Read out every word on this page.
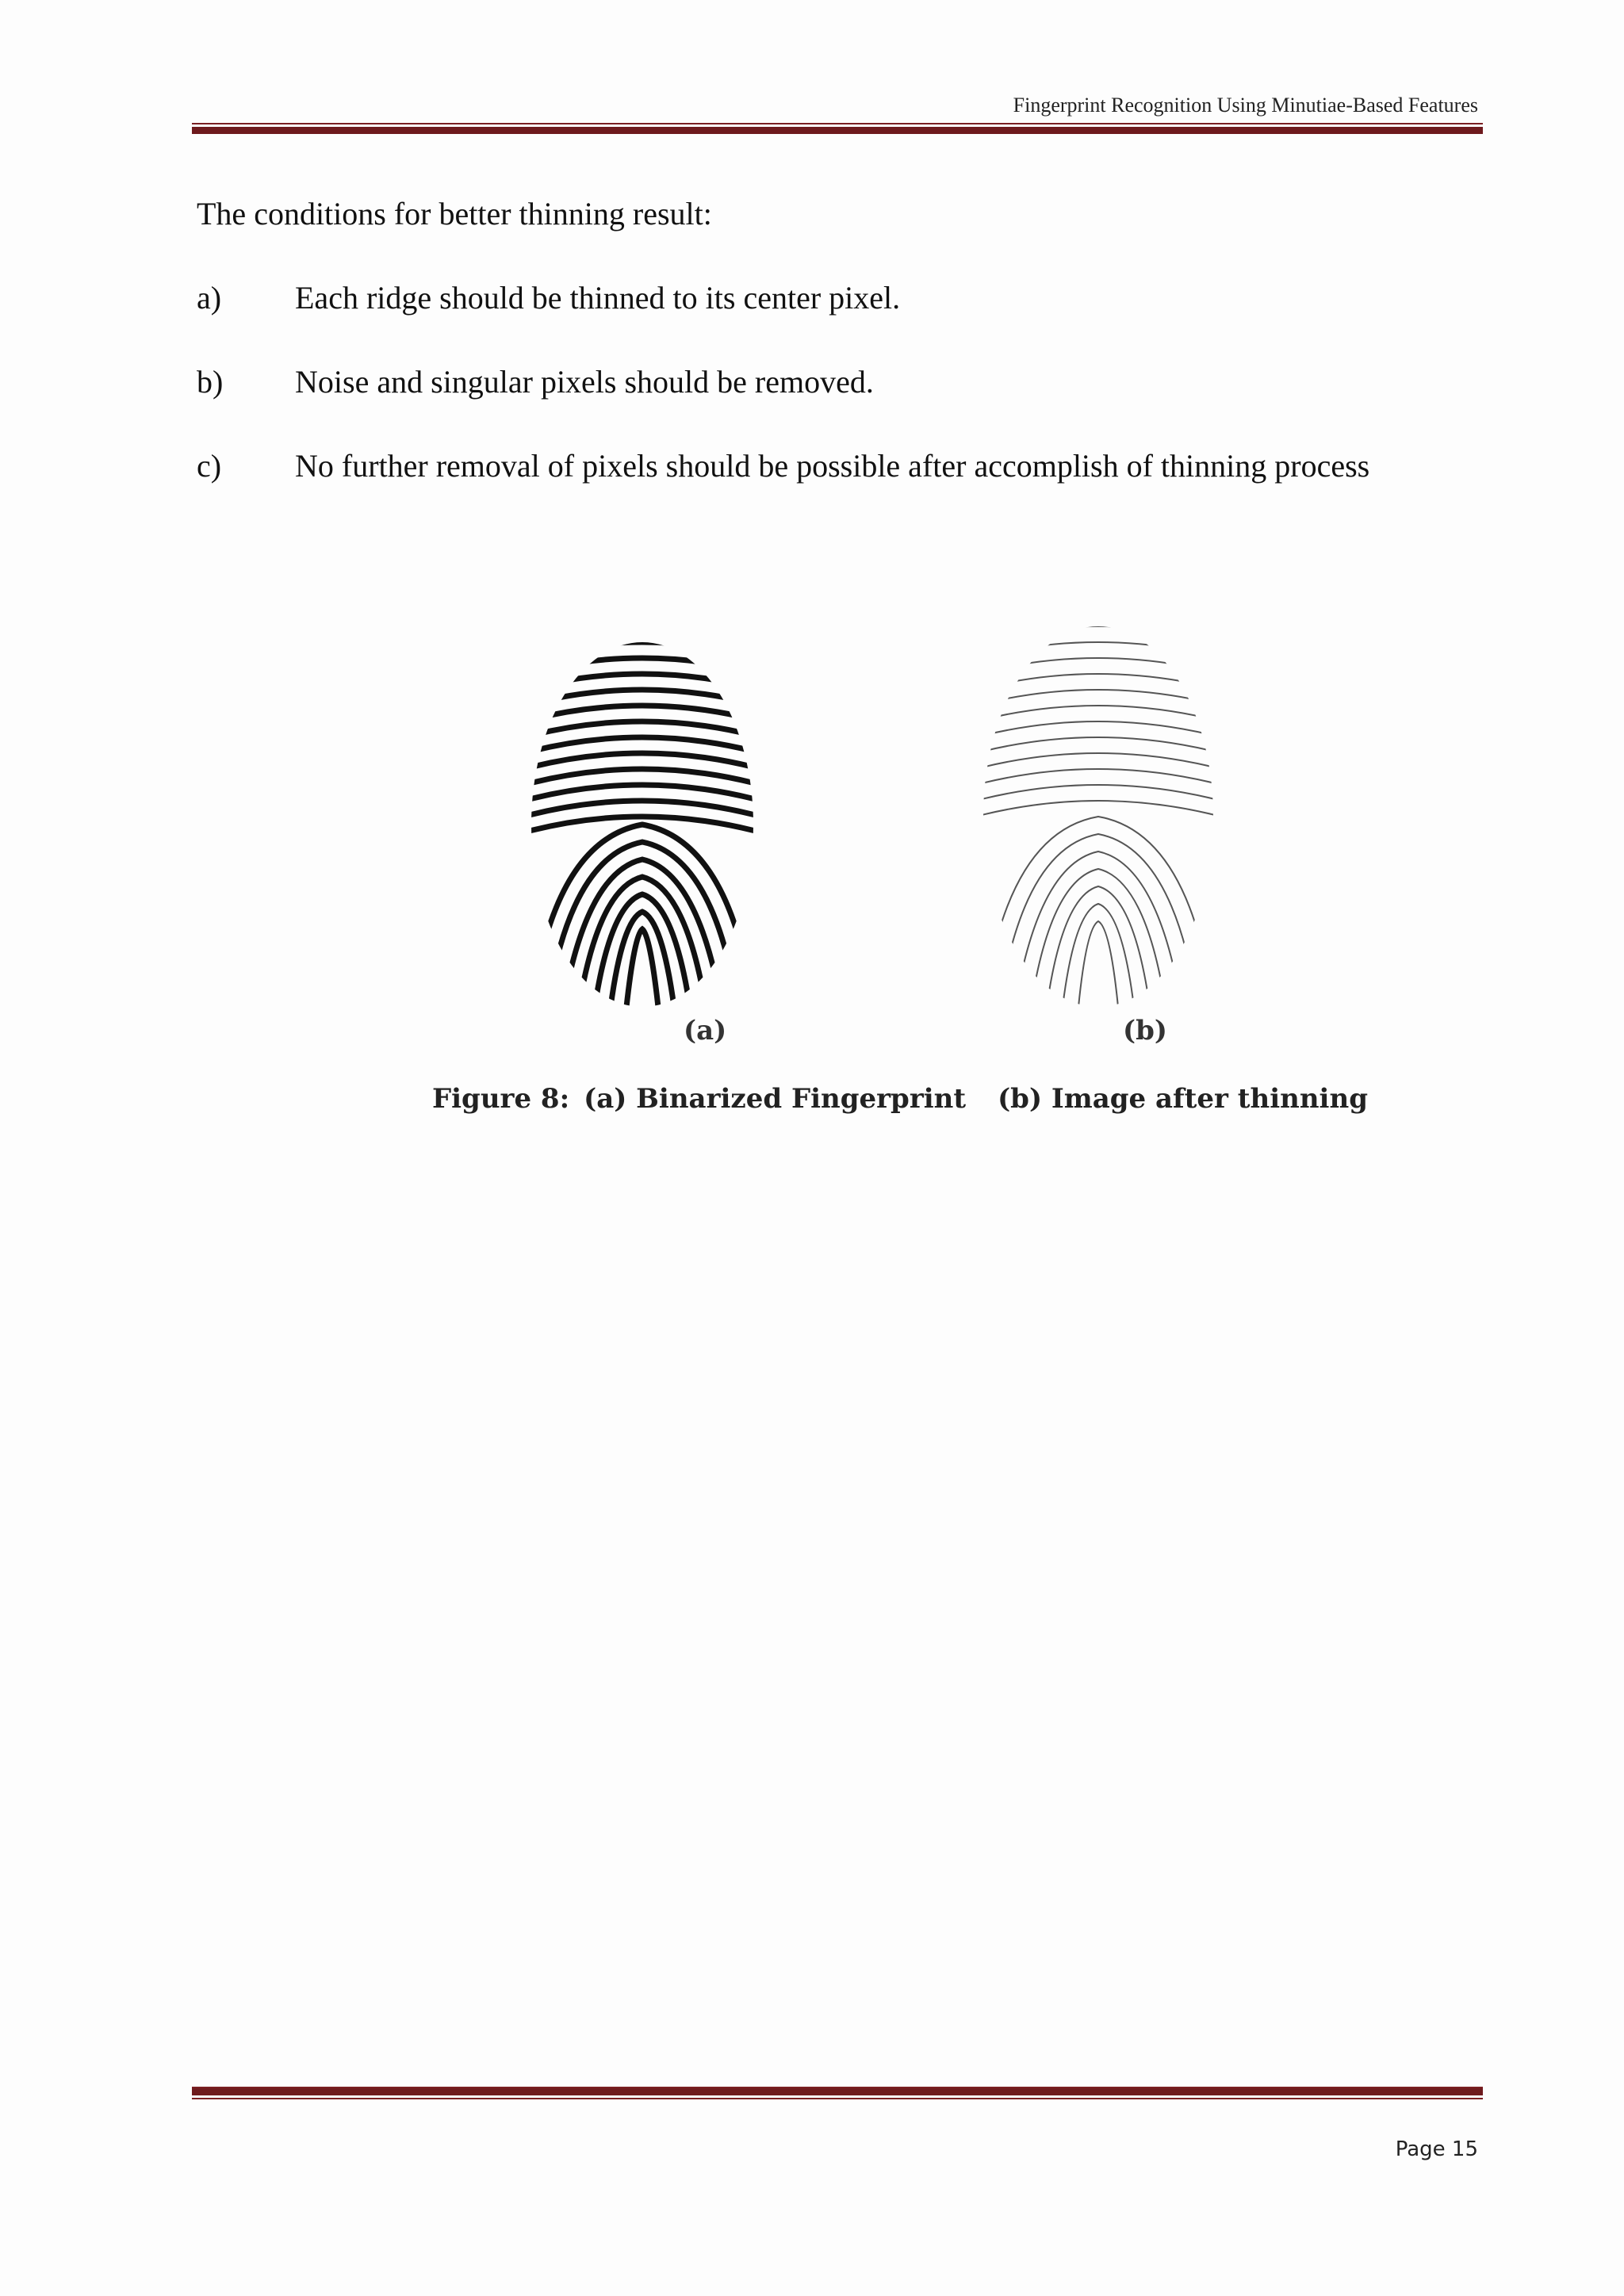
Fingerprint Recognition Using Minutiae-Based Features
The conditions for better thinning result:
a) Each ridge should be thinned to its center pixel.
b) Noise and singular pixels should be removed.
c) No further removal of pixels should be possible after accomplish of thinning process
(a)	(b)
Figure 8: (a) Binarized Fingerprint (b) Image after thinning
Page 15
